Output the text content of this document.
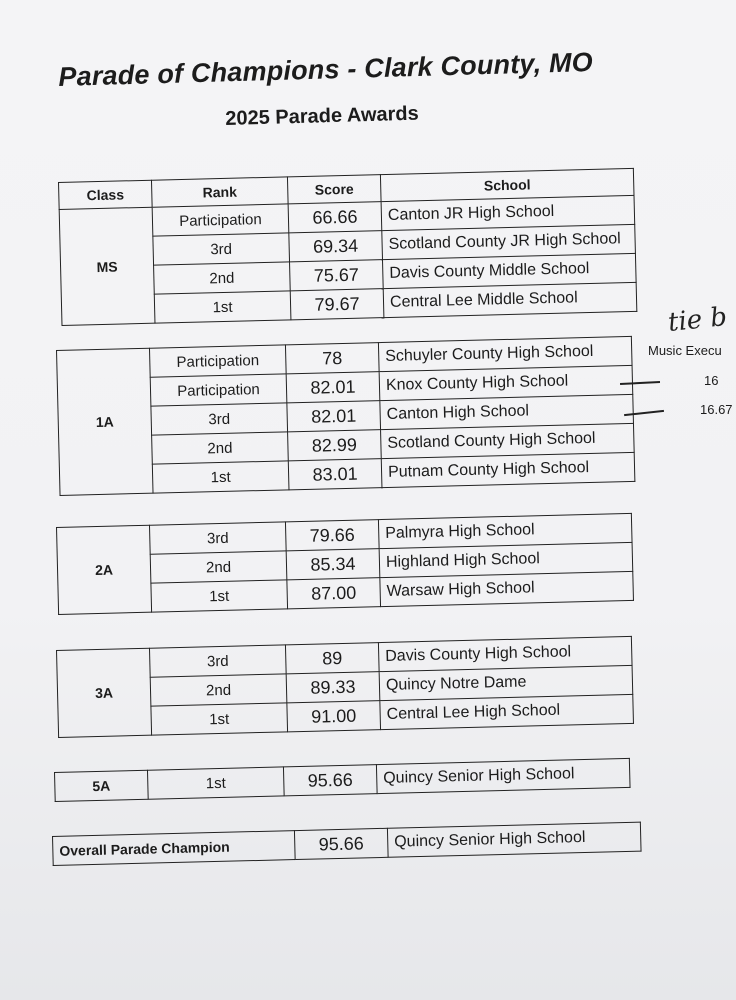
Parade of Champions - Clark County, MO
2025 Parade Awards
Class	Rank	Score	School
MS	Participation	66.66	Canton JR High School
	3rd	69.34	Scotland County JR High School
	2nd	75.67	Davis County Middle School
	1st	79.67	Central Lee Middle School
1A	Participation	78	Schuyler County High School
	Participation	82.01	Knox County High School
	3rd	82.01	Canton High School
	2nd	82.99	Scotland County High School
	1st	83.01	Putnam County High School
2A	3rd	79.66	Palmyra High School
	2nd	85.34	Highland High School
	1st	87.00	Warsaw High School
3A	3rd	89	Davis County High School
	2nd	89.33	Quincy Notre Dame
	1st	91.00	Central Lee High School
5A	1st	95.66	Quincy Senior High School
Overall Parade Champion	95.66	Quincy Senior High School
tie b
Music Execu
16
16.67
